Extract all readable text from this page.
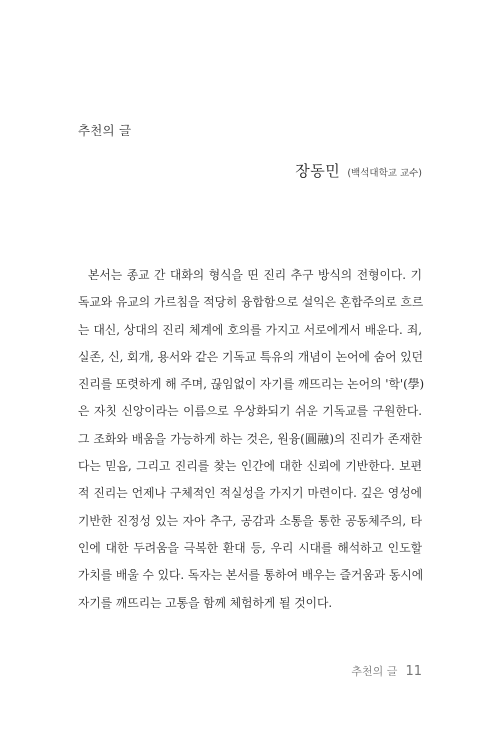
추천의 글
장동민 (백석대학교 교수)
본서는 종교 간 대화의 형식을 띤 진리 추구 방식의 전형이다. 기
독교와 유교의 가르침을 적당히 융합함으로 설익은 혼합주의로 흐르
는 대신, 상대의 진리 체계에 호의를 가지고 서로에게서 배운다. 죄,
실존, 신, 회개, 용서와 같은 기독교 특유의 개념이 논어에 숨어 있던
진리를 또렷하게 해 주며, 끊임없이 자기를 깨뜨리는 논어의 '학'(學)
은 자칫 신앙이라는 이름으로 우상화되기 쉬운 기독교를 구원한다.
그 조화와 배움을 가능하게 하는 것은, 원융(圓融)의 진리가 존재한
다는 믿음, 그리고 진리를 찾는 인간에 대한 신뢰에 기반한다. 보편
적 진리는 언제나 구체적인 적실성을 가지기 마련이다. 깊은 영성에
기반한 진정성 있는 자아 추구, 공감과 소통을 통한 공동체주의, 타
인에 대한 두려움을 극복한 환대 등, 우리 시대를 해석하고 인도할
가치를 배울 수 있다. 독자는 본서를 통하여 배우는 즐거움과 동시에
자기를 깨뜨리는 고통을 함께 체험하게 될 것이다.
추천의 글 11
